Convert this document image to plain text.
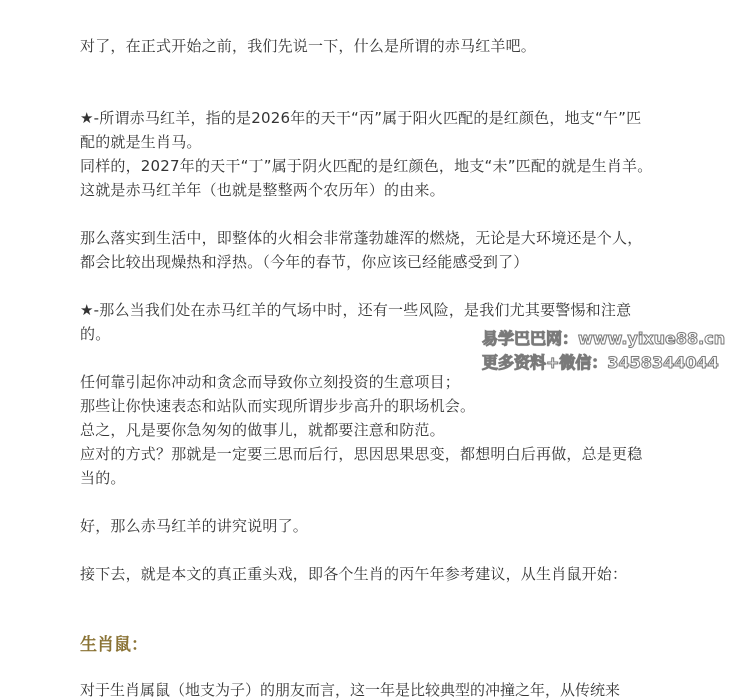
对了，在正式开始之前，我们先说一下，什么是所谓的赤马红羊吧。
★-所谓赤马红羊，指的是2026年的天干“丙”属于阳火匹配的是红颜色，地支“午”匹
配的就是生肖马。
同样的，2027年的天干“丁”属于阴火匹配的是红颜色，地支“未”匹配的就是生肖羊。
这就是赤马红羊年（也就是整整两个农历年）的由来。
那么落实到生活中，即整体的火相会非常蓬勃雄浑的燃烧，无论是大环境还是个人，
都会比较出现燥热和浮热。（今年的春节，你应该已经能感受到了）
★-那么当我们处在赤马红羊的气场中时，还有一些风险，是我们尤其要警惕和注意
的。
任何靠引起你冲动和贪念而导致你立刻投资的生意项目；
那些让你快速表态和站队而实现所谓步步高升的职场机会。
总之，凡是要你急匆匆的做事儿，就都要注意和防范。
应对的方式？那就是一定要三思而后行，思因思果思变，都想明白后再做，总是更稳
当的。
好，那么赤马红羊的讲究说明了。
接下去，就是本文的真正重头戏，即各个生肖的丙午年参考建议，从生肖鼠开始：
生肖鼠：
对于生肖属鼠（地支为子）的朋友而言，这一年是比较典型的冲撞之年，从传统来
易学巴巴网：www.yixue88.cn
更多资料+微信：3458344044
